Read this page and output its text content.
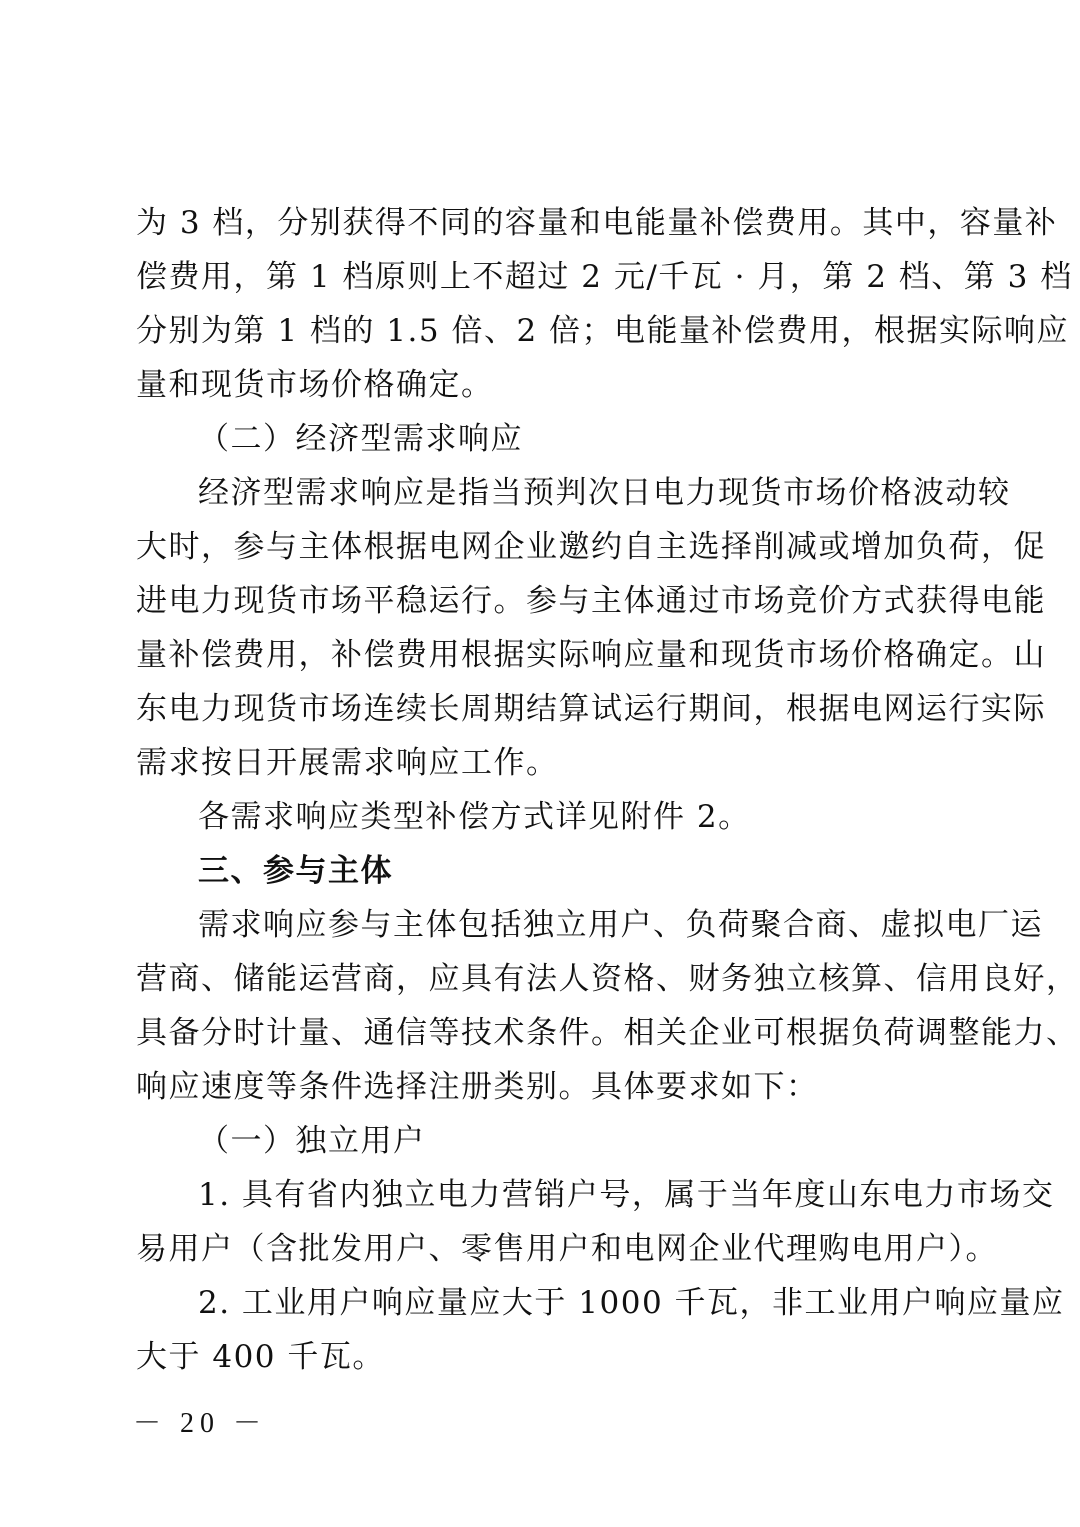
为 3 档，分别获得不同的容量和电能量补偿费用。其中，容量补
偿费用，第 1 档原则上不超过 2 元/千瓦 · 月，第 2 档、第 3 档
分别为第 1 档的 1.5 倍、2 倍；电能量补偿费用，根据实际响应
量和现货市场价格确定。
（二）经济型需求响应
经济型需求响应是指当预判次日电力现货市场价格波动较
大时，参与主体根据电网企业邀约自主选择削减或增加负荷，促
进电力现货市场平稳运行。参与主体通过市场竞价方式获得电能
量补偿费用，补偿费用根据实际响应量和现货市场价格确定。山
东电力现货市场连续长周期结算试运行期间，根据电网运行实际
需求按日开展需求响应工作。
各需求响应类型补偿方式详见附件 2。
三、参与主体
需求响应参与主体包括独立用户、负荷聚合商、虚拟电厂运
营商、储能运营商，应具有法人资格、财务独立核算、信用良好，
具备分时计量、通信等技术条件。相关企业可根据负荷调整能力、
响应速度等条件选择注册类别。具体要求如下：
（一）独立用户
1. 具有省内独立电力营销户号，属于当年度山东电力市场交
易用户（含批发用户、零售用户和电网企业代理购电用户）。
2. 工业用户响应量应大于 1000 千瓦，非工业用户响应量应
大于 400 千瓦。
－ 20 －
